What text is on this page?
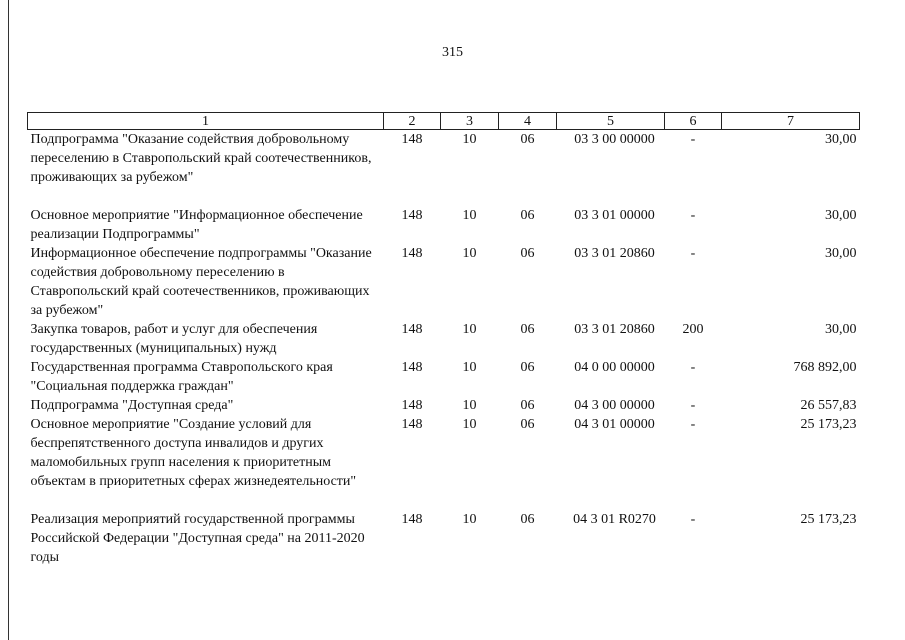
315
1	2	3	4	5	6	7
Подпрограмма "Оказание содействия добровольному переселению в Ставропольский край соотечественников, проживающих за рубежом"	148	10	06	03 3 00 00000	-	30,00
Основное мероприятие "Информационное обеспечение реализации Подпрограммы"	148	10	06	03 3 01 00000	-	30,00
Информационное обеспечение подпрограммы "Оказание содействия добровольному переселению в Ставропольский край соотечественников, проживающих за рубежом"	148	10	06	03 3 01 20860	-	30,00
Закупка товаров, работ и услуг для обеспечения государственных (муниципальных) нужд	148	10	06	03 3 01 20860	200	30,00
Государственная программа Ставропольского края "Социальная поддержка граждан"	148	10	06	04 0 00 00000	-	768 892,00
Подпрограмма "Доступная среда"	148	10	06	04 3 00 00000	-	26 557,83
Основное мероприятие "Создание условий для беспрепятственного доступа инвалидов и других маломобильных групп населения к приоритетным объектам в приоритетных сферах жизнедеятельности"	148	10	06	04 3 01 00000	-	25 173,23
Реализация мероприятий государственной программы Российской Федерации "Доступная среда" на 2011-2020 годы	148	10	06	04 3 01 R0270	-	25 173,23
